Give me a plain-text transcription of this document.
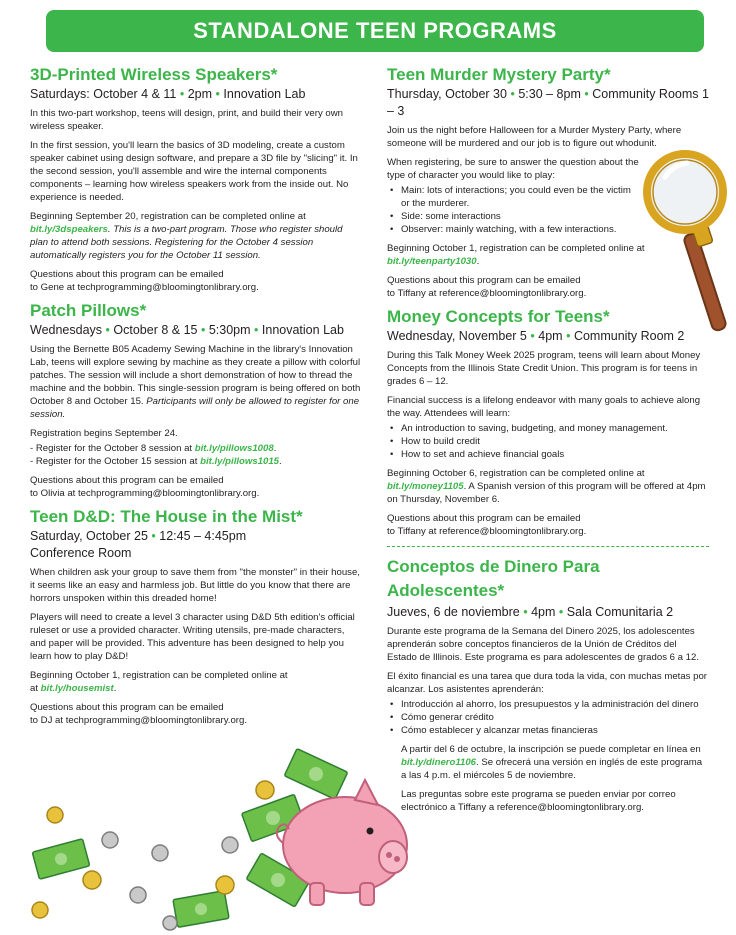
STANDALONE TEEN PROGRAMS
3D-Printed Wireless Speakers*
Saturdays: October 4 & 11 • 2pm • Innovation Lab

In this two-part workshop, teens will design, print, and build their very own wireless speaker.

In the first session, you'll learn the basics of 3D modeling, create a custom speaker cabinet using design software, and prepare a 3D file by "slicing" it. In the second session, you'll assemble and wire the internal components components – learning how wireless speakers work from the inside out. No experience is needed.

Beginning September 20, registration can be completed online at bit.ly/3dspeakers. This is a two-part program. Those who register should plan to attend both sessions. Registering for the October 4 session automatically registers you for the October 11 session.

Questions about this program can be emailed
to Gene at techprogramming@bloomingtonlibrary.org.

Patch Pillows*
Wednesdays • October 8 & 15 • 5:30pm • Innovation Lab

Using the Bernette B05 Academy Sewing Machine in the library's Innovation Lab, teens will explore sewing by machine as they create a pillow with colorful patches. The session will include a short demonstration of how to thread the machine and the bobbin. This single-session program is being offered on both October 8 and October 15. Participants will only be allowed to register for one session.

Registration begins September 24.

- Register for the October 8 session at bit.ly/pillows1008.
- Register for the October 15 session at bit.ly/pillows1015.

Questions about this program can be emailed
to Olivia at techprogramming@bloomingtonlibrary.org.

Teen D&D: The House in the Mist*
Saturday, October 25 • 12:45 – 4:45pm
Conference Room

When children ask your group to save them from "the monster" in their house, it seems like an easy and harmless job. But little do you know that there are horrors unspoken within this dreaded home!

Players will need to create a level 3 character using D&D 5th edition's official ruleset or use a provided character. Writing utensils, pre-made characters, and paper will be provided. This adventure has been designed to help you learn how to play D&D!

Beginning October 1, registration can be completed online at
at bit.ly/housemist.

Questions about this program can be emailed
to DJ at techprogramming@bloomingtonlibrary.org.

Teen Murder Mystery Party*
Thursday, October 30 • 5:30 – 8pm • Community Rooms 1 – 3

Join us the night before Halloween for a Murder Mystery Party, where someone will be murdered and our job is to figure out whodunit.

When registering, be sure to answer the question about the
type of character you would like to play:

• Main: lots of interactions; you could even be the victim
or the murderer.
• Side: some interactions
• Observer: mainly watching, with a few interactions.

Beginning October 1, registration can be completed online at
bit.ly/teenparty1030.

Questions about this program can be emailed
to Tiffany at reference@bloomingtonlibrary.org.

Money Concepts for Teens*
Wednesday, November 5 • 4pm • Community Room 2

During this Talk Money Week 2025 program, teens will learn about Money Concepts from the Illinois State Credit Union. This program is for teens in grades 6 – 12.

Financial success is a lifelong endeavor with many goals to achieve along the way. Attendees will learn:

• An introduction to saving, budgeting, and money management.
• How to build credit
• How to set and achieve financial goals

Beginning October 6, registration can be completed online at
bit.ly/money1105. A Spanish version of this program will be offered at 4pm on Thursday, November 6.

Questions about this program can be emailed
to Tiffany at reference@bloomingtonlibrary.org.

Conceptos de Dinero Para Adolescentes*
Jueves, 6 de noviembre • 4pm • Sala Comunitaria 2

Durante este programa de la Semana del Dinero 2025, los adolescentes aprenderán sobre conceptos financieros de la Unión de Créditos del Estado de Illinois. Este programa es para adolescentes de grados 6 a 12.

El éxito financial es una tarea que dura toda la vida, con muchas metas por alcanzar. Los asistentes aprenderán:

• Introducción al ahorro, los presupuestos y la administración del dinero
• Cómo generar crédito
• Cómo establecer y alcanzar metas financieras

A partir del 6 de octubre, la inscripción se puede completar en línea en bit.ly/dinero1106. Se ofrecerá una versión en inglés de este programa a las 4 p.m. el miércoles 5 de noviembre.

Las preguntas sobre este programa se pueden enviar por correo electrónico a Tiffany a reference@bloomingtonlibrary.org.
